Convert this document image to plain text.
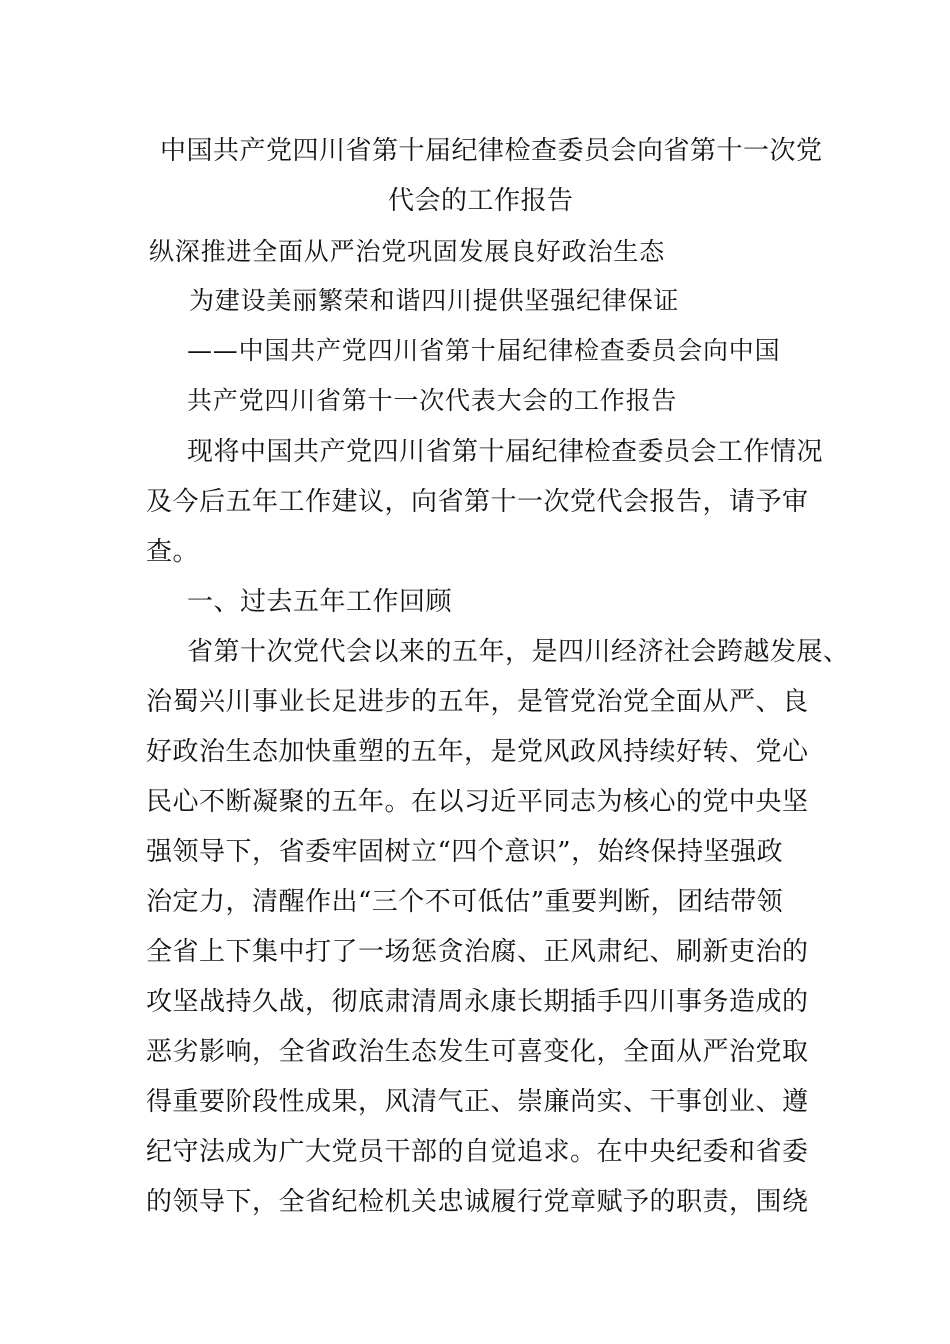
中国共产党四川省第十届纪律检查委员会向省第十一次党
代会的工作报告
纵深推进全面从严治党巩固发展良好政治生态
为建设美丽繁荣和谐四川提供坚强纪律保证
——中国共产党四川省第十届纪律检查委员会向中国
共产党四川省第十一次代表大会的工作报告
现将中国共产党四川省第十届纪律检查委员会工作情况
及今后五年工作建议，向省第十一次党代会报告，请予审
查。
一、过去五年工作回顾
省第十次党代会以来的五年，是四川经济社会跨越发展、
治蜀兴川事业长足进步的五年，是管党治党全面从严、良
好政治生态加快重塑的五年，是党风政风持续好转、党心
民心不断凝聚的五年。在以习近平同志为核心的党中央坚
强领导下，省委牢固树立“四个意识”，始终保持坚强政
治定力，清醒作出“三个不可低估”重要判断，团结带领
全省上下集中打了一场惩贪治腐、正风肃纪、刷新吏治的
攻坚战持久战，彻底肃清周永康长期插手四川事务造成的
恶劣影响，全省政治生态发生可喜变化，全面从严治党取
得重要阶段性成果，风清气正、崇廉尚实、干事创业、遵
纪守法成为广大党员干部的自觉追求。在中央纪委和省委
的领导下，全省纪检机关忠诚履行党章赋予的职责，围绕
